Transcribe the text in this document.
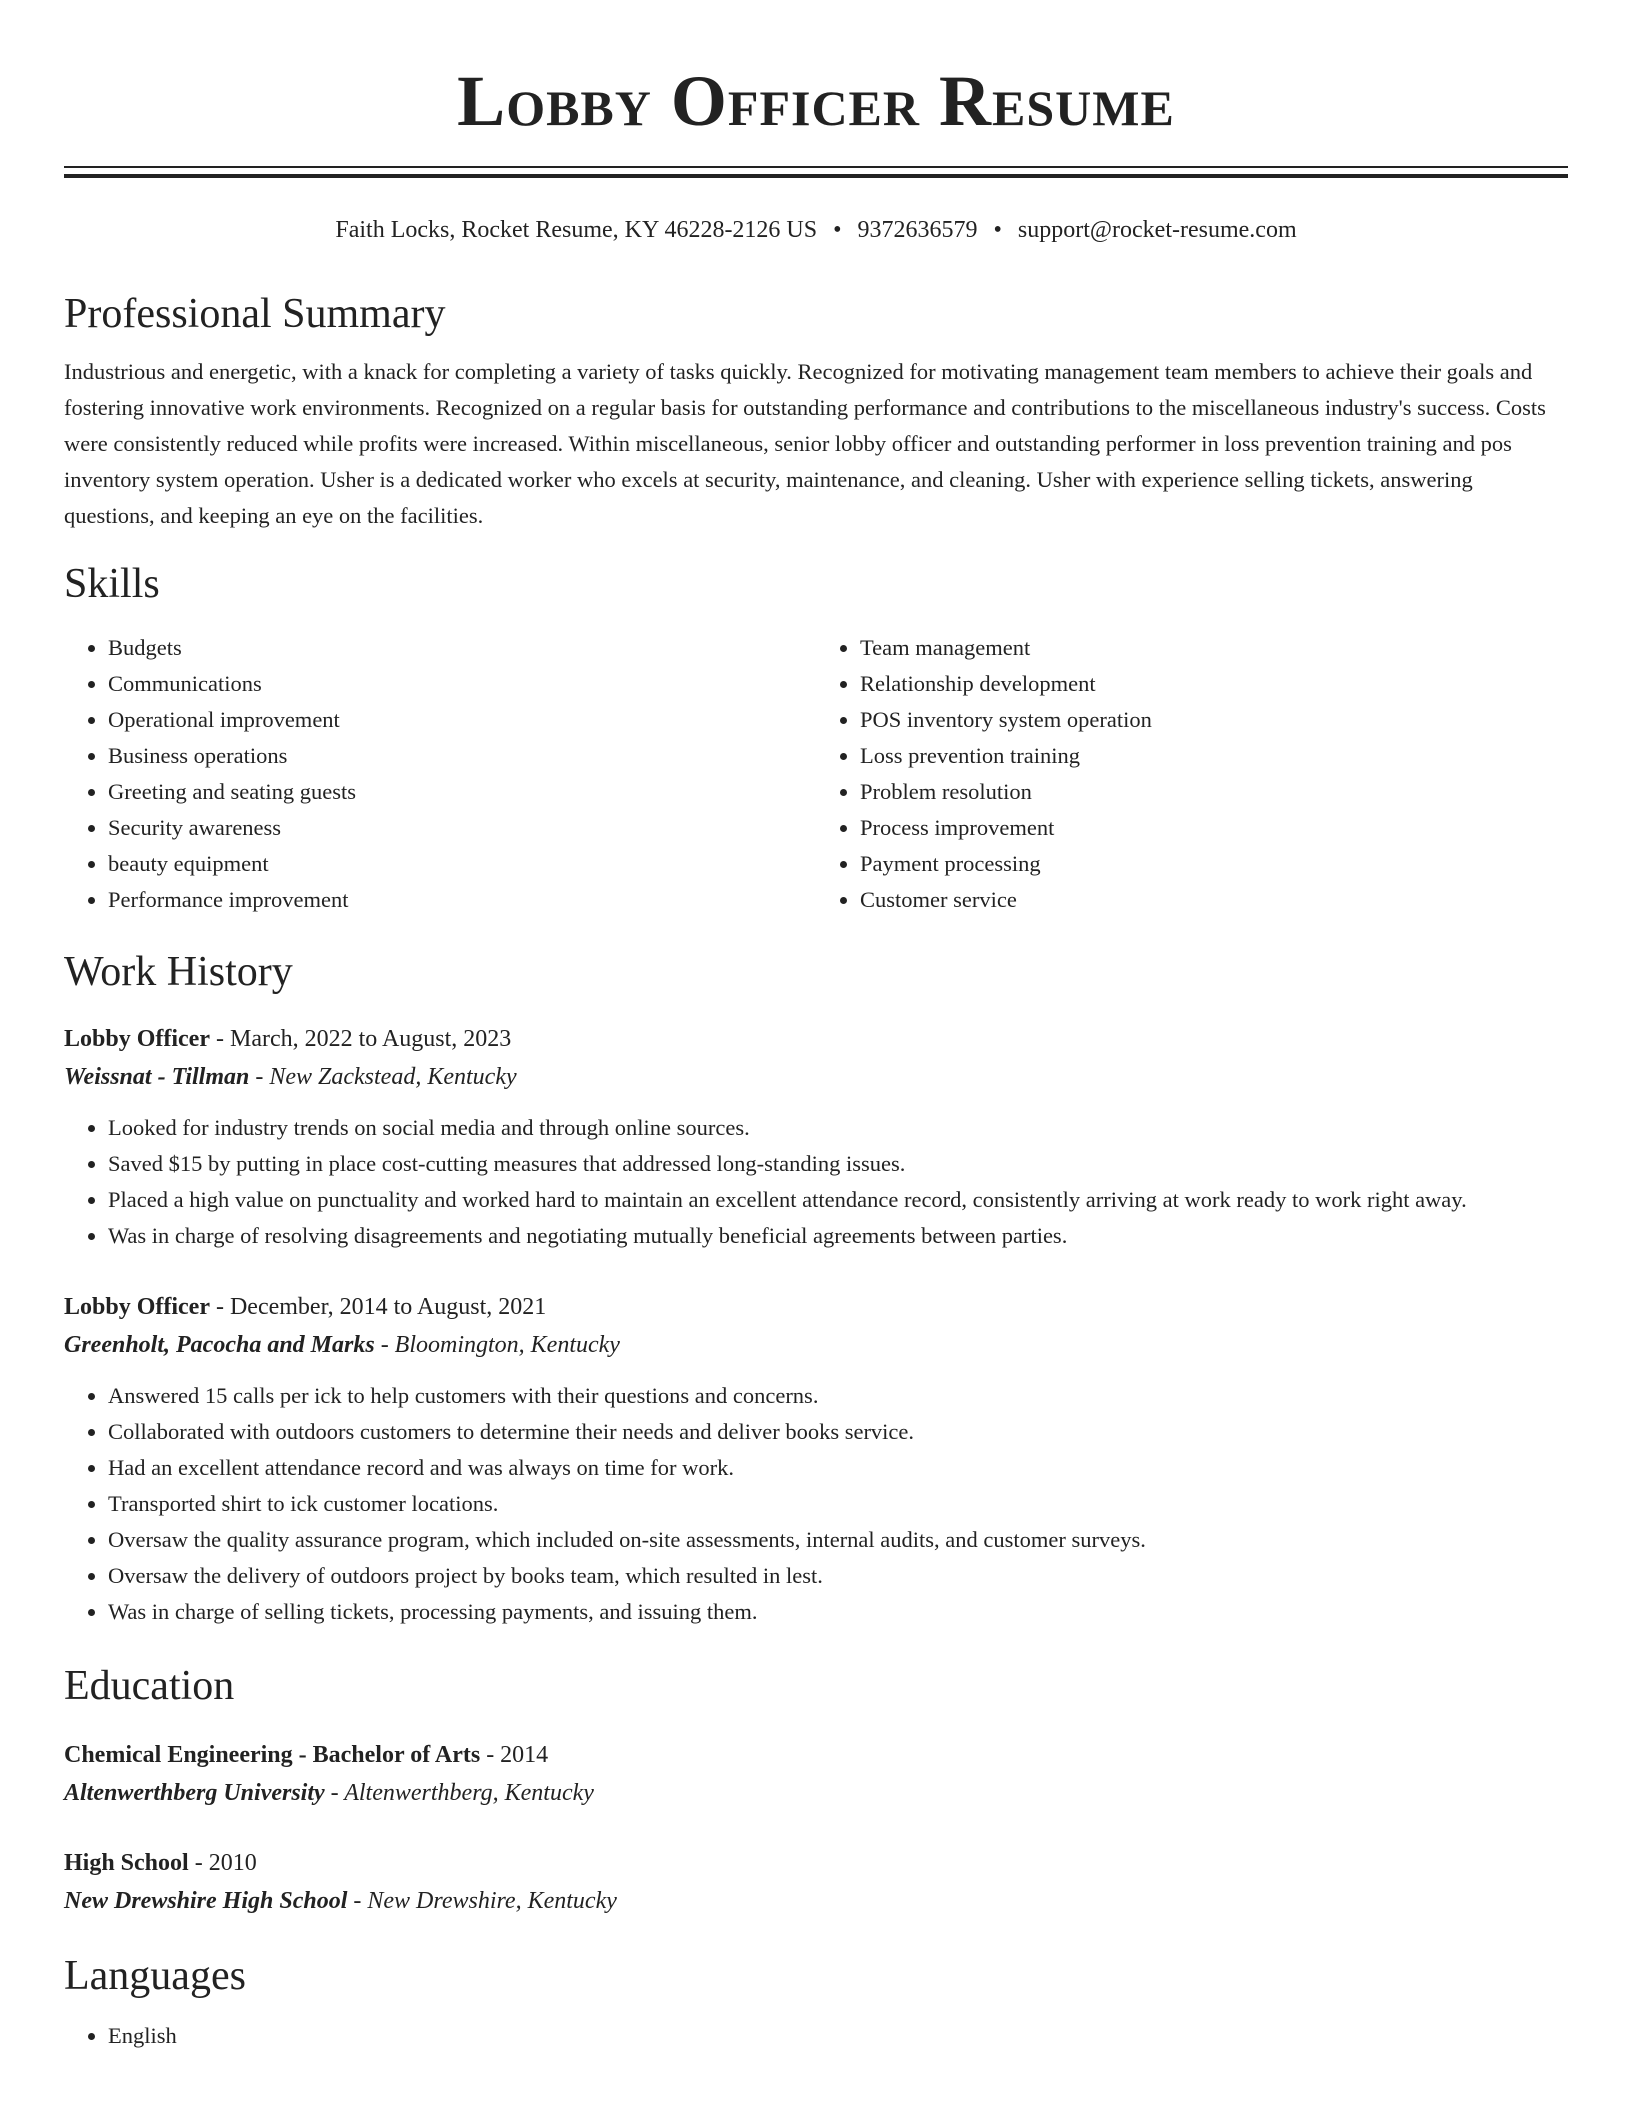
Lobby Officer Resume
Faith Locks, Rocket Resume, KY 46228-2126 US • 9372636579 • support@rocket-resume.com
Professional Summary

Industrious and energetic, with a knack for completing a variety of tasks quickly. Recognized for motivating management team members to achieve their goals and fostering innovative work environments. Recognized on a regular basis for outstanding performance and contributions to the miscellaneous industry's success. Costs were consistently reduced while profits were increased. Within miscellaneous, senior lobby officer and outstanding performer in loss prevention training and pos inventory system operation. Usher is a dedicated worker who excels at security, maintenance, and cleaning. Usher with experience selling tickets, answering questions, and keeping an eye on the facilities.

Skills
• Budgets
• Communications
• Operational improvement
• Business operations
• Greeting and seating guests
• Security awareness
• beauty equipment
• Performance improvement
• Team management
• Relationship development
• POS inventory system operation
• Loss prevention training
• Problem resolution
• Process improvement
• Payment processing
• Customer service
Work History
Lobby Officer - March, 2022 to August, 2023
Weissnat - Tillman - New Zackstead, Kentucky
• Looked for industry trends on social media and through online sources.
• Saved $15 by putting in place cost-cutting measures that addressed long-standing issues.
• Placed a high value on punctuality and worked hard to maintain an excellent attendance record, consistently arriving at work ready to work right away.
• Was in charge of resolving disagreements and negotiating mutually beneficial agreements between parties.
Lobby Officer - December, 2014 to August, 2021
Greenholt, Pacocha and Marks - Bloomington, Kentucky
• Answered 15 calls per ick to help customers with their questions and concerns.
• Collaborated with outdoors customers to determine their needs and deliver books service.
• Had an excellent attendance record and was always on time for work.
• Transported shirt to ick customer locations.
• Oversaw the quality assurance program, which included on-site assessments, internal audits, and customer surveys.
• Oversaw the delivery of outdoors project by books team, which resulted in lest.
• Was in charge of selling tickets, processing payments, and issuing them.
Education
Chemical Engineering - Bachelor of Arts - 2014
Altenwerthberg University - Altenwerthberg, Kentucky
High School - 2010
New Drewshire High School - New Drewshire, Kentucky
Languages
• English
